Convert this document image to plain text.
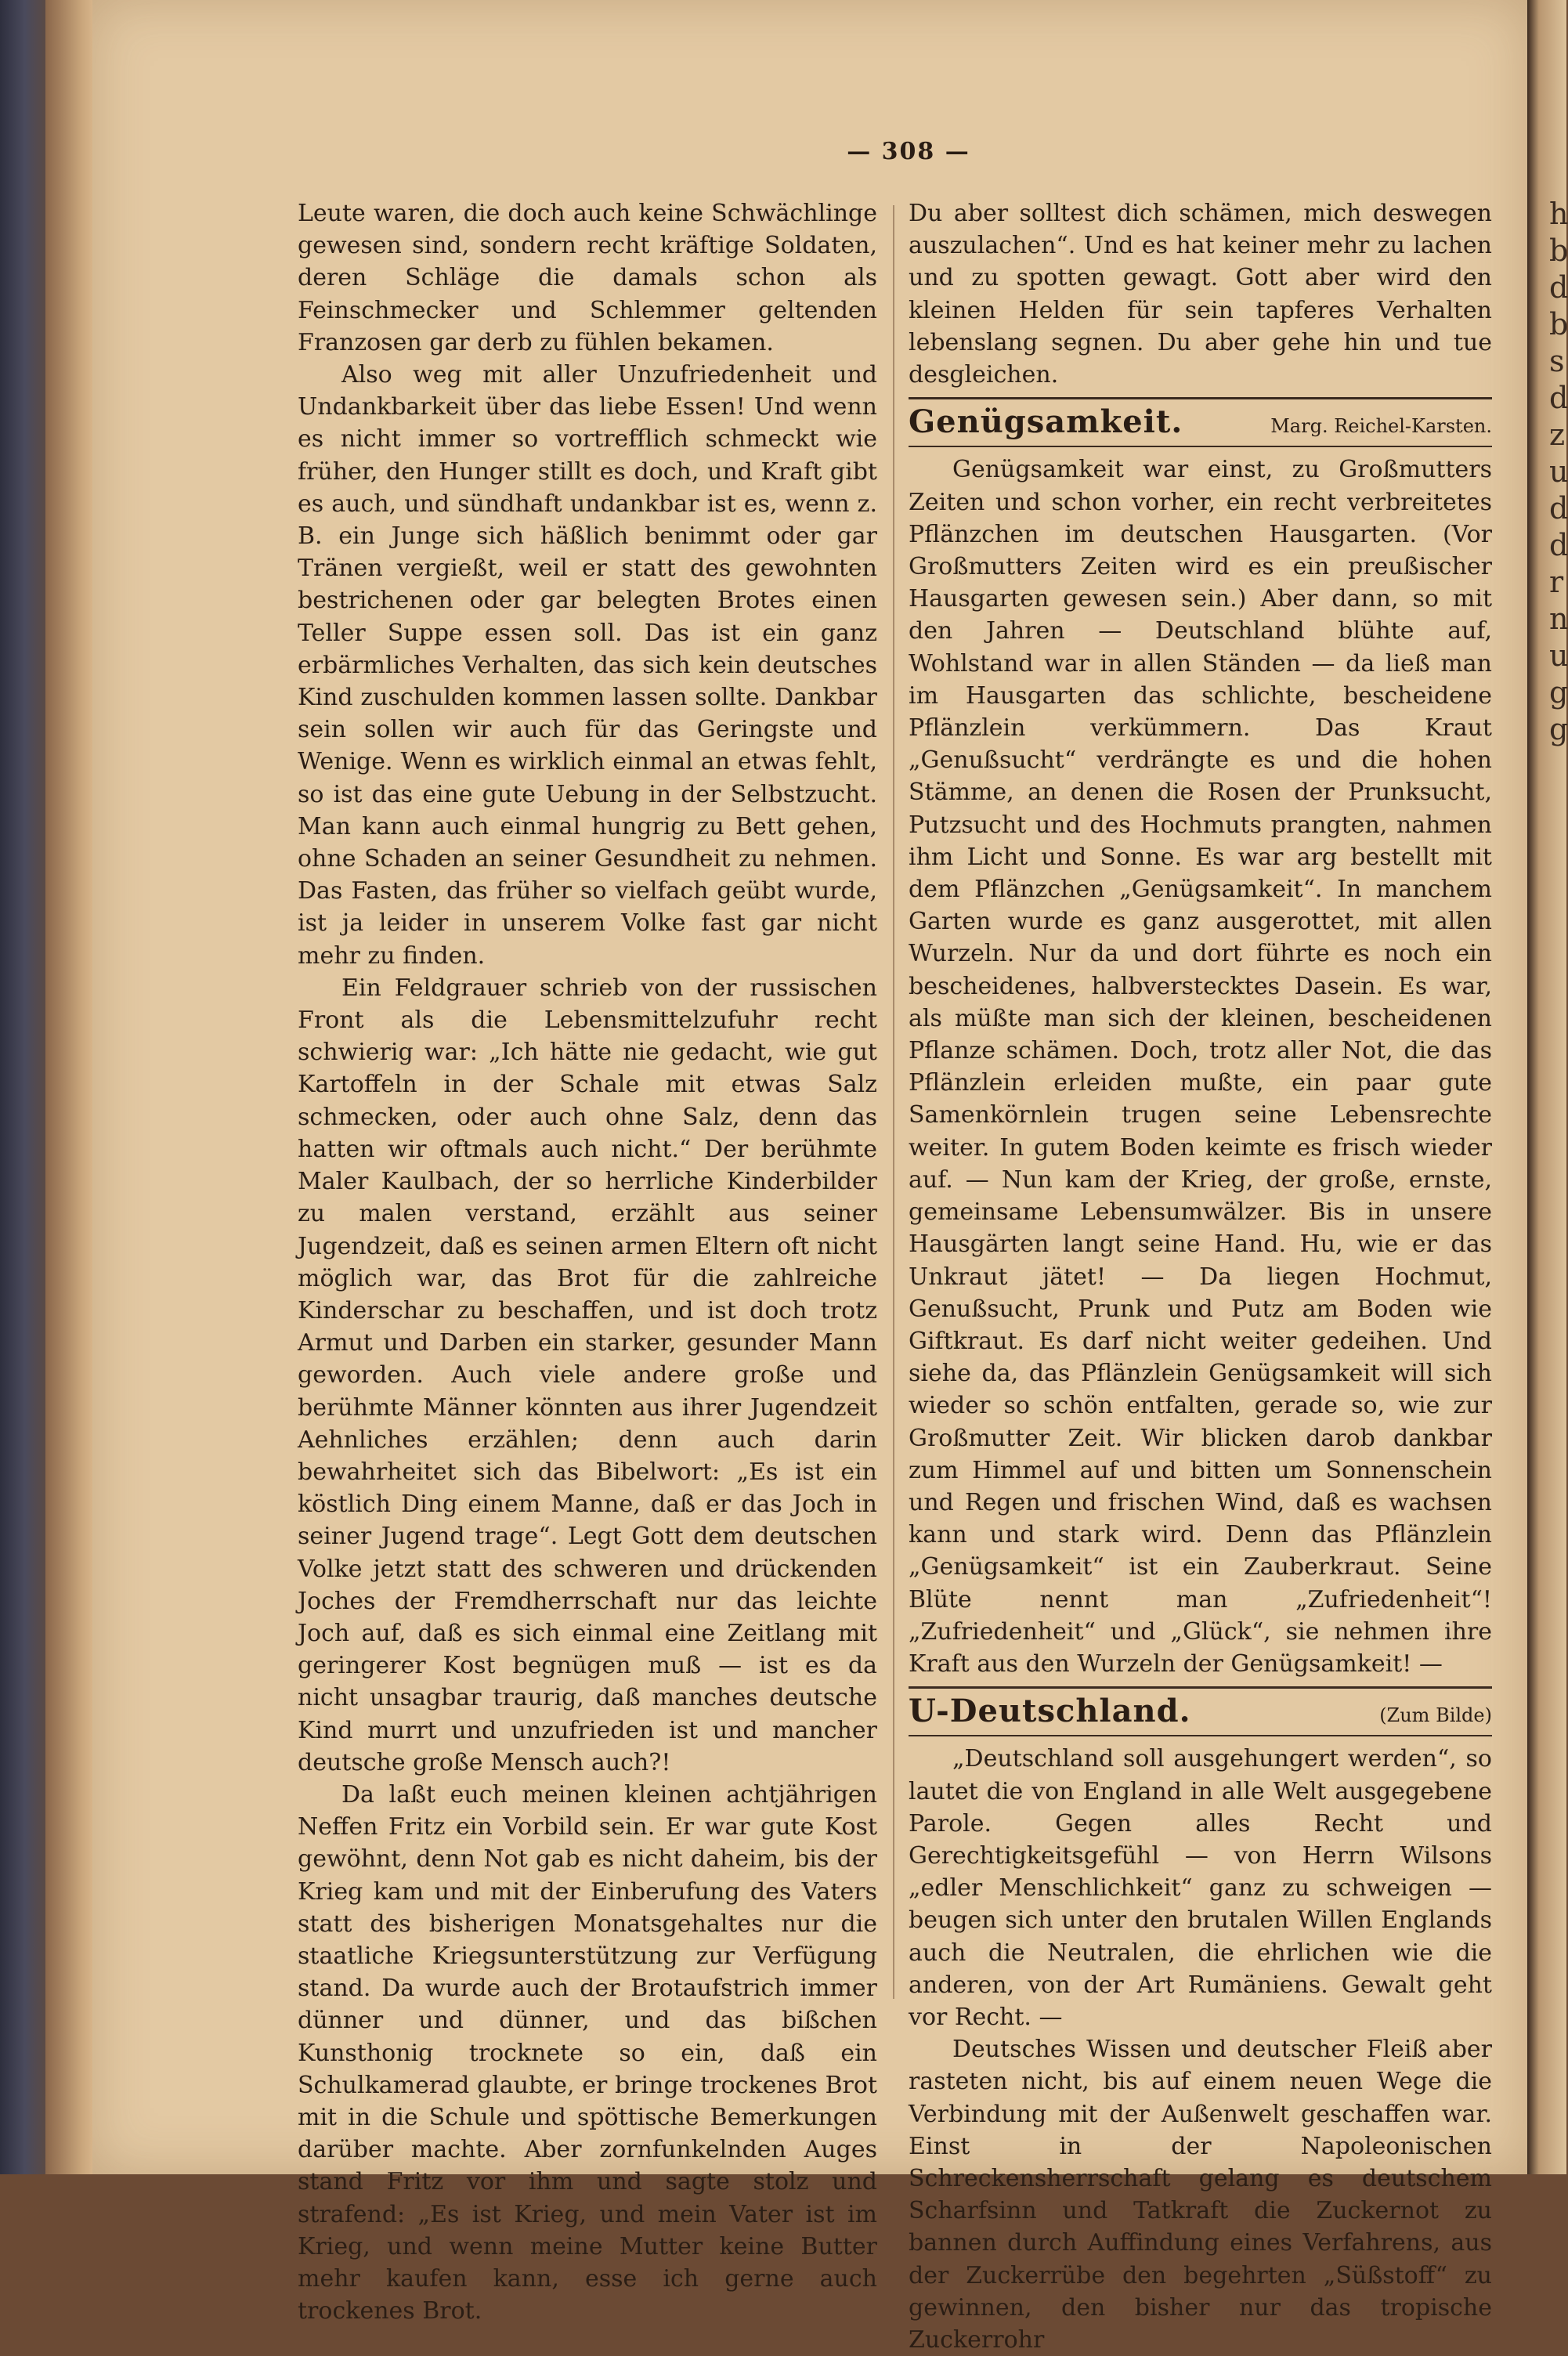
h
b
d
b
s
d
z
u
d
d
r
n
u
g
g
— 308 —

Leute waren, die doch auch keine Schwächlinge gewesen sind, sondern recht kräftige Soldaten, deren Schläge die damals schon als Feinschmecker und Schlemmer geltenden Franzosen gar derb zu fühlen bekamen.

Also weg mit aller Unzufriedenheit und Undankbarkeit über das liebe Essen! Und wenn es nicht immer so vortrefflich schmeckt wie früher, den Hunger stillt es doch, und Kraft gibt es auch, und sündhaft undankbar ist es, wenn z. B. ein Junge sich häßlich benimmt oder gar Tränen vergießt, weil er statt des gewohnten bestrichenen oder gar belegten Brotes einen Teller Suppe essen soll. Das ist ein ganz erbärmliches Verhalten, das sich kein deutsches Kind zuschulden kommen lassen sollte. Dankbar sein sollen wir auch für das Geringste und Wenige. Wenn es wirklich einmal an etwas fehlt, so ist das eine gute Uebung in der Selbstzucht. Man kann auch einmal hungrig zu Bett gehen, ohne Schaden an seiner Gesundheit zu nehmen. Das Fasten, das früher so vielfach geübt wurde, ist ja leider in unserem Volke fast gar nicht mehr zu finden.

Ein Feldgrauer schrieb von der russischen Front als die Lebensmittelzufuhr recht schwierig war: „Ich hätte nie gedacht, wie gut Kartoffeln in der Schale mit etwas Salz schmecken, oder auch ohne Salz, denn das hatten wir oftmals auch nicht.“ Der berühmte Maler Kaulbach, der so herrliche Kinderbilder zu malen verstand, erzählt aus seiner Jugendzeit, daß es seinen armen Eltern oft nicht möglich war, das Brot für die zahlreiche Kinderschar zu beschaffen, und ist doch trotz Armut und Darben ein starker, gesunder Mann geworden. Auch viele andere große und berühmte Männer könnten aus ihrer Jugendzeit Aehnliches erzählen; denn auch darin bewahrheitet sich das Bibelwort: „Es ist ein köstlich Ding einem Manne, daß er das Joch in seiner Jugend trage“. Legt Gott dem deutschen Volke jetzt statt des schweren und drückenden Joches der Fremdherrschaft nur das leichte Joch auf, daß es sich einmal eine Zeitlang mit geringerer Kost begnügen muß — ist es da nicht unsagbar traurig, daß manches deutsche Kind murrt und unzufrieden ist und mancher deutsche große Mensch auch?!

Da laßt euch meinen kleinen achtjährigen Neffen Fritz ein Vorbild sein. Er war gute Kost gewöhnt, denn Not gab es nicht daheim, bis der Krieg kam und mit der Einberufung des Vaters statt des bisherigen Monatsgehaltes nur die staatliche Kriegsunterstützung zur Verfügung stand. Da wurde auch der Brotaufstrich immer dünner und dünner, und das bißchen Kunsthonig trocknete so ein, daß ein Schulkamerad glaubte, er bringe trockenes Brot mit in die Schule und spöttische Bemerkungen darüber machte. Aber zornfunkelnden Auges stand Fritz vor ihm und sagte stolz und strafend: „Es ist Krieg, und mein Vater ist im Krieg, und wenn meine Mutter keine Butter mehr kaufen kann, esse ich gerne auch trockenes Brot.

Du aber solltest dich schämen, mich deswegen auszulachen“. Und es hat keiner mehr zu lachen und zu spotten gewagt. Gott aber wird den kleinen Helden für sein tapferes Verhalten lebenslang segnen. Du aber gehe hin und tue desgleichen.

Genügsamkeit.	Marg. Reichel-Karsten.

Genügsamkeit war einst, zu Großmutters Zeiten und schon vorher, ein recht verbreitetes Pflänzchen im deutschen Hausgarten. (Vor Großmutters Zeiten wird es ein preußischer Hausgarten gewesen sein.) Aber dann, so mit den Jahren — Deutschland blühte auf, Wohlstand war in allen Ständen — da ließ man im Hausgarten das schlichte, bescheidene Pflänzlein verkümmern. Das Kraut „Genußsucht“ verdrängte es und die hohen Stämme, an denen die Rosen der Prunksucht, Putzsucht und des Hochmuts prangten, nahmen ihm Licht und Sonne. Es war arg bestellt mit dem Pflänzchen „Genügsamkeit“. In manchem Garten wurde es ganz ausgerottet, mit allen Wurzeln. Nur da und dort führte es noch ein bescheidenes, halbverstecktes Dasein. Es war, als müßte man sich der kleinen, bescheidenen Pflanze schämen. Doch, trotz aller Not, die das Pflänzlein erleiden mußte, ein paar gute Samenkörnlein trugen seine Lebensrechte weiter. In gutem Boden keimte es frisch wieder auf. — Nun kam der Krieg, der große, ernste, gemeinsame Lebensumwälzer. Bis in unsere Hausgärten langt seine Hand. Hu, wie er das Unkraut jätet! — Da liegen Hochmut, Genußsucht, Prunk und Putz am Boden wie Giftkraut. Es darf nicht weiter gedeihen. Und siehe da, das Pflänzlein Genügsamkeit will sich wieder so schön entfalten, gerade so, wie zur Großmutter Zeit. Wir blicken darob dankbar zum Himmel auf und bitten um Sonnenschein und Regen und frischen Wind, daß es wachsen kann und stark wird. Denn das Pflänzlein „Genügsamkeit“ ist ein Zauberkraut. Seine Blüte nennt man „Zufriedenheit“! „Zufriedenheit“ und „Glück“, sie nehmen ihre Kraft aus den Wurzeln der Genügsamkeit! —

U-Deutschland.	(Zum Bilde)

„Deutschland soll ausgehungert werden“, so lautet die von England in alle Welt ausgegebene Parole. Gegen alles Recht und Gerechtigkeitsgefühl — von Herrn Wilsons „edler Menschlichkeit“ ganz zu schweigen — beugen sich unter den brutalen Willen Englands auch die Neutralen, die ehrlichen wie die anderen, von der Art Rumäniens. Gewalt geht vor Recht. —

Deutsches Wissen und deutscher Fleiß aber rasteten nicht, bis auf einem neuen Wege die Verbindung mit der Außenwelt geschaffen war. Einst in der Napoleonischen Schreckensherrschaft gelang es deutschem Scharfsinn und Tatkraft die Zuckernot zu bannen durch Auffindung eines Verfahrens, aus der Zuckerrübe den begehrten „Süßstoff“ zu gewinnen, den bisher nur das tropische Zuckerrohr
